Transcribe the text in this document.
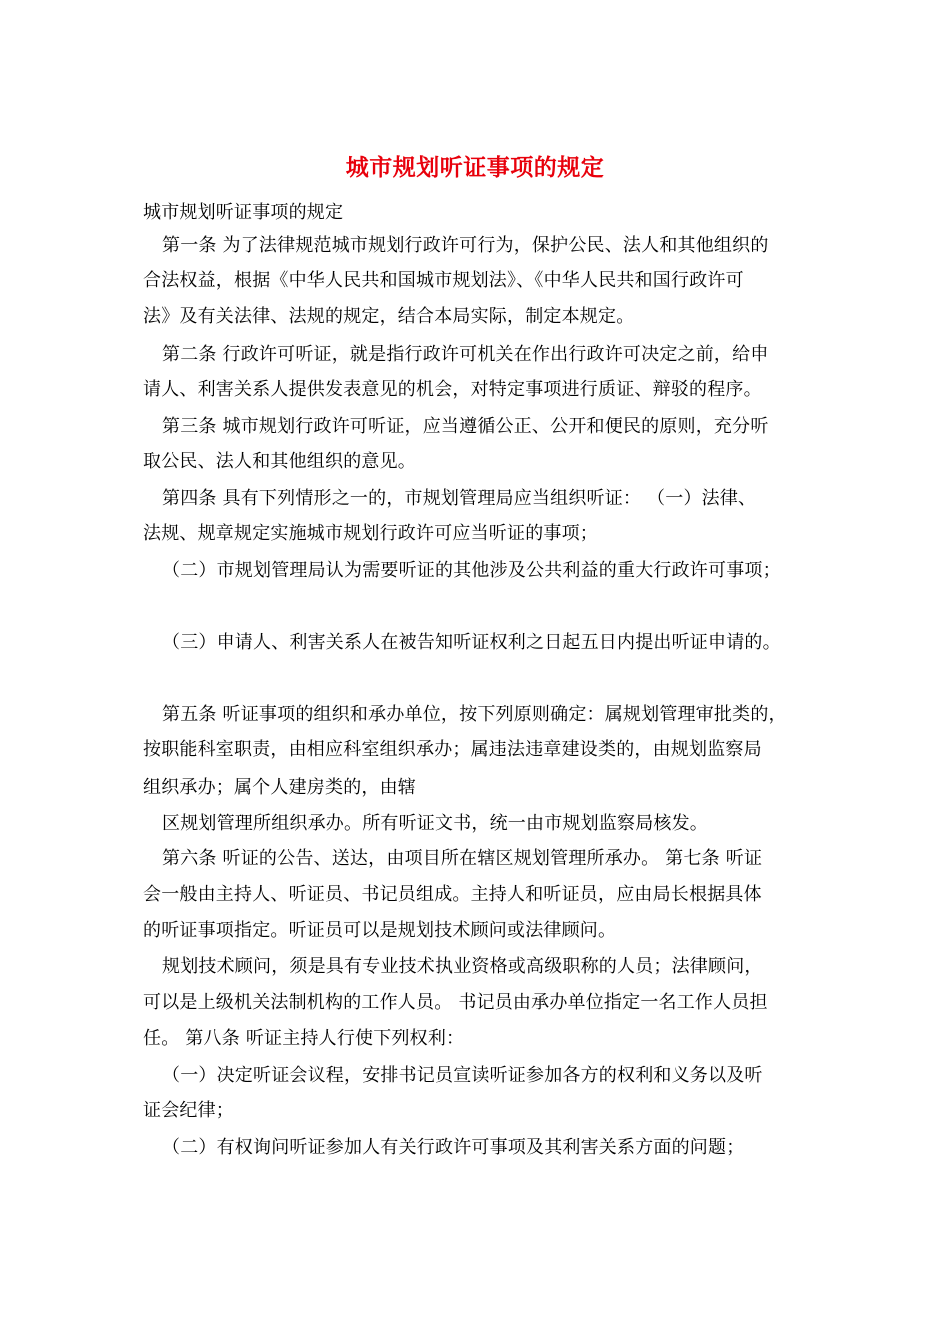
城市规划听证事项的规定
城市规划听证事项的规定
第一条 为了法律规范城市规划行政许可行为，保护公民、法人和其他组织的
合法权益，根据《中华人民共和国城市规划法》、《中华人民共和国行政许可
法》及有关法律、法规的规定，结合本局实际，制定本规定。
第二条 行政许可听证，就是指行政许可机关在作出行政许可决定之前，给申
请人、利害关系人提供发表意见的机会，对特定事项进行质证、辩驳的程序。
第三条 城市规划行政许可听证，应当遵循公正、公开和便民的原则，充分听
取公民、法人和其他组织的意见。
第四条 具有下列情形之一的，市规划管理局应当组织听证： （一）法律、
法规、规章规定实施城市规划行政许可应当听证的事项；
（二）市规划管理局认为需要听证的其他涉及公共利益的重大行政许可事项；
（三）申请人、利害关系人在被告知听证权利之日起五日内提出听证申请的。
第五条 听证事项的组织和承办单位，按下列原则确定：属规划管理审批类的，
按职能科室职责，由相应科室组织承办；属违法违章建设类的，由规划监察局
组织承办；属个人建房类的，由辖
区规划管理所组织承办。所有听证文书，统一由市规划监察局核发。
第六条 听证的公告、送达，由项目所在辖区规划管理所承办。 第七条 听证
会一般由主持人、听证员、书记员组成。主持人和听证员，应由局长根据具体
的听证事项指定。听证员可以是规划技术顾问或法律顾问。
规划技术顾问，须是具有专业技术执业资格或高级职称的人员；法律顾问，
可以是上级机关法制机构的工作人员。 书记员由承办单位指定一名工作人员担
任。 第八条 听证主持人行使下列权利：
（一）决定听证会议程，安排书记员宣读听证参加各方的权利和义务以及听
证会纪律；
（二）有权询问听证参加人有关行政许可事项及其利害关系方面的问题；
